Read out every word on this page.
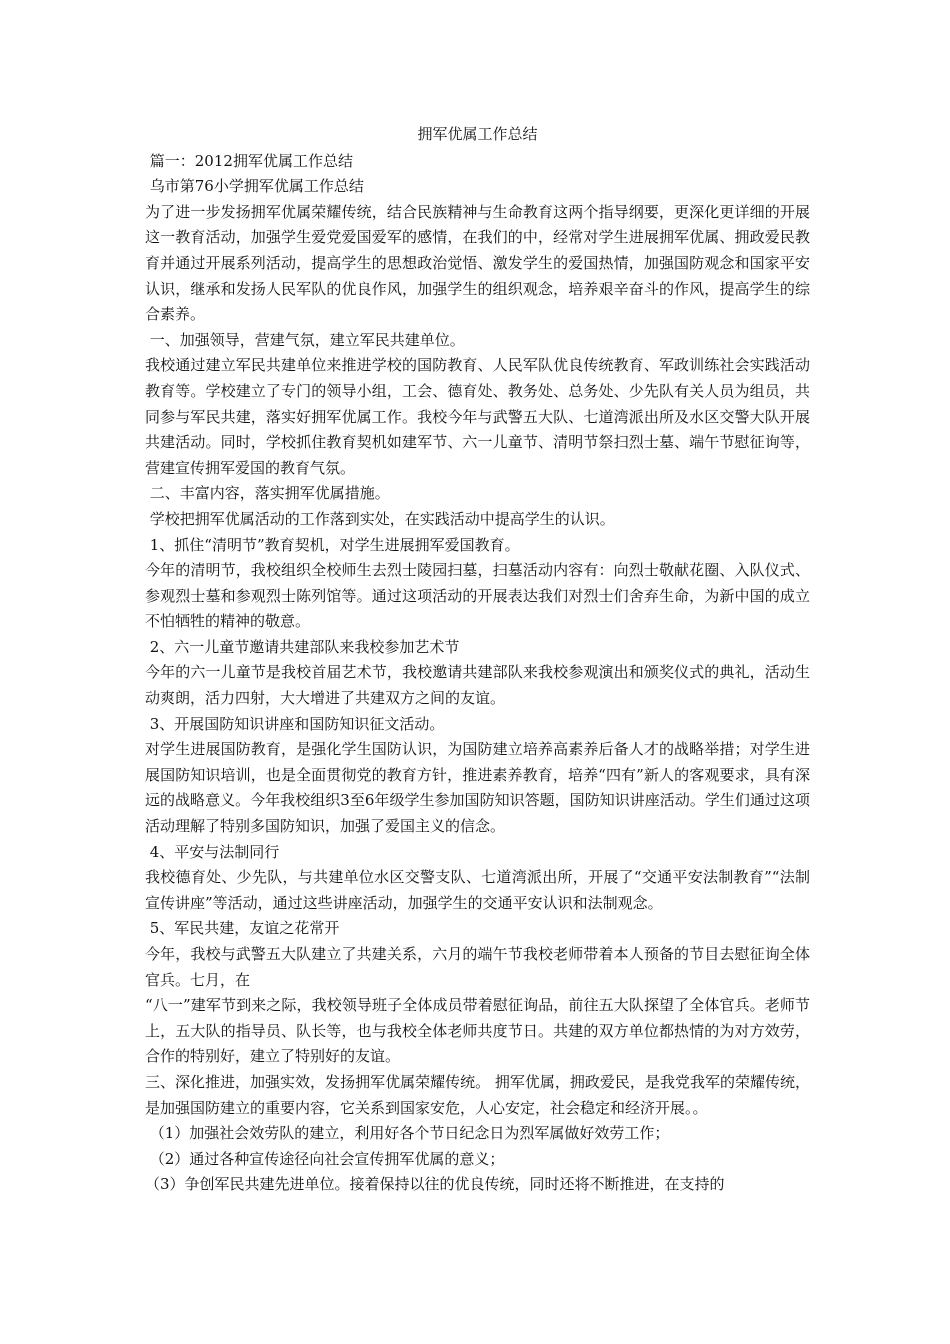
拥军优属工作总结

篇一：2012拥军优属工作总结

乌市第76小学拥军优属工作总结

为了进一步发扬拥军优属荣耀传统，结合民族精神与生命教育这两个指导纲要，更深化更详细的开展这一教育活动，加强学生爱党爱国爱军的感情，在我们的中，经常对学生进展拥军优属、拥政爱民教育并通过开展系列活动，提高学生的思想政治觉悟、激发学生的爱国热情，加强国防观念和国家平安认识，继承和发扬人民军队的优良作风，加强学生的组织观念，培养艰辛奋斗的作风，提高学生的综合素养。

一、加强领导，营建气氛，建立军民共建单位。

我校通过建立军民共建单位来推进学校的国防教育、人民军队优良传统教育、军政训练社会实践活动教育等。学校建立了专门的领导小组，工会、德育处、教务处、总务处、少先队有关人员为组员，共同参与军民共建，落实好拥军优属工作。我校今年与武警五大队、七道湾派出所及水区交警大队开展共建活动。同时，学校抓住教育契机如建军节、六一儿童节、清明节祭扫烈士墓、端午节慰征询等，营建宣传拥军爱国的教育气氛。

二、丰富内容，落实拥军优属措施。

学校把拥军优属活动的工作落到实处，在实践活动中提高学生的认识。

1、抓住“清明节”教育契机，对学生进展拥军爱国教育。

今年的清明节，我校组织全校师生去烈士陵园扫墓，扫墓活动内容有：向烈士敬献花圈、入队仪式、参观烈士墓和参观烈士陈列馆等。通过这项活动的开展表达我们对烈士们舍弃生命，为新中国的成立不怕牺牲的精神的敬意。

2、六一儿童节邀请共建部队来我校参加艺术节

今年的六一儿童节是我校首届艺术节，我校邀请共建部队来我校参观演出和颁奖仪式的典礼，活动生动爽朗，活力四射，大大增进了共建双方之间的友谊。

3、开展国防知识讲座和国防知识征文活动。

对学生进展国防教育，是强化学生国防认识，为国防建立培养高素养后备人才的战略举措；对学生进展国防知识培训，也是全面贯彻党的教育方针，推进素养教育，培养“四有”新人的客观要求，具有深远的战略意义。今年我校组织3至6年级学生参加国防知识答题，国防知识讲座活动。学生们通过这项活动理解了特别多国防知识，加强了爱国主义的信念。

4、平安与法制同行

我校德育处、少先队，与共建单位水区交警支队、七道湾派出所，开展了“交通平安法制教育”“法制宣传讲座”等活动，通过这些讲座活动，加强学生的交通平安认识和法制观念。

5、军民共建，友谊之花常开

今年，我校与武警五大队建立了共建关系，六月的端午节我校老师带着本人预备的节目去慰征询全体官兵。七月，在

“八一”建军节到来之际，我校领导班子全体成员带着慰征询品，前往五大队探望了全体官兵。老师节上，五大队的指导员、队长等，也与我校全体老师共度节日。共建的双方单位都热情的为对方效劳，合作的特别好，建立了特别好的友谊。

三、深化推进，加强实效，发扬拥军优属荣耀传统。 拥军优属，拥政爱民，是我党我军的荣耀传统，是加强国防建立的重要内容，它关系到国家安危，人心安定，社会稳定和经济开展。。

（1）加强社会效劳队的建立，利用好各个节日纪念日为烈军属做好效劳工作；

（2）通过各种宣传途径向社会宣传拥军优属的意义；

（3）争创军民共建先进单位。接着保持以往的优良传统，同时还将不断推进，在支持的
